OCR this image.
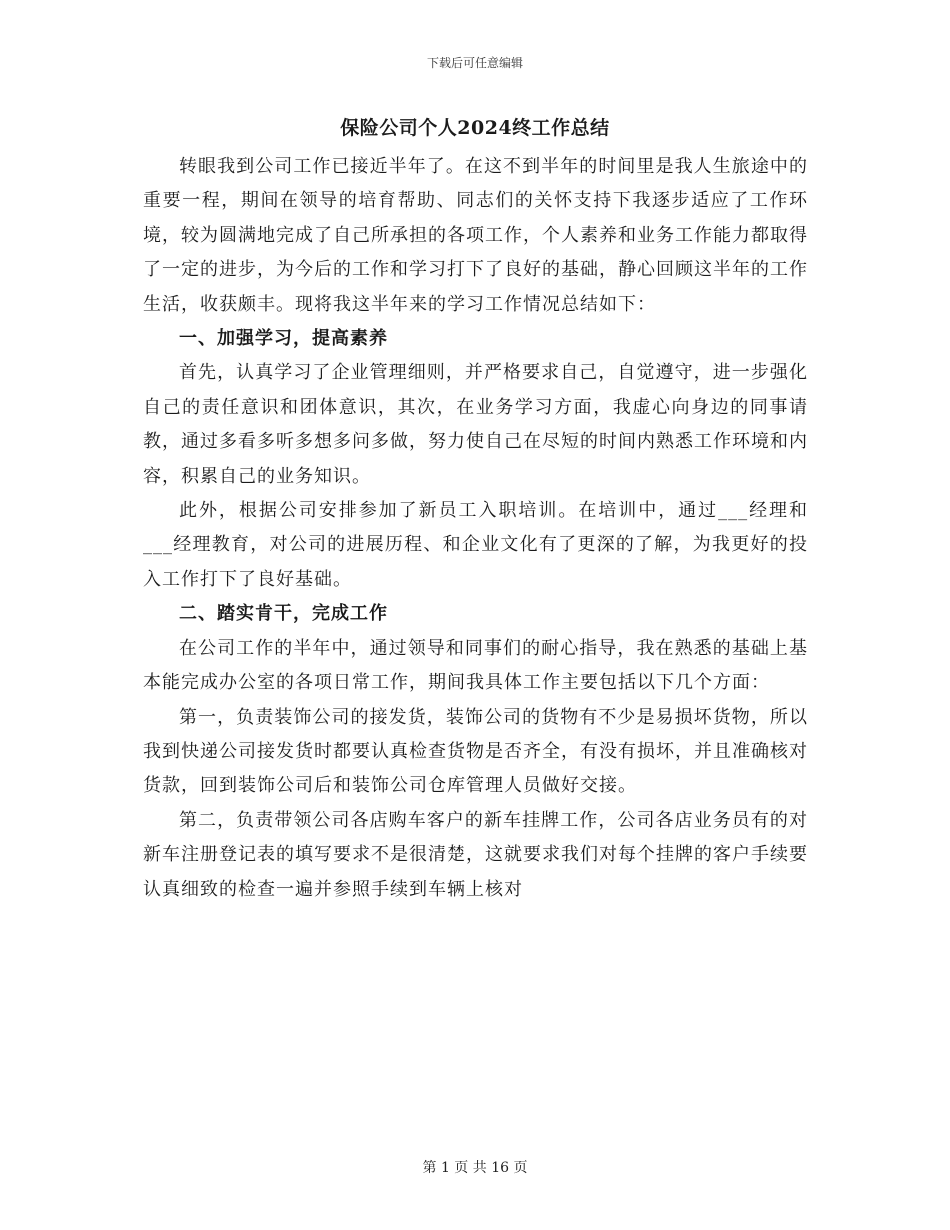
下载后可任意编辑
保险公司个人2024终工作总结

转眼我到公司工作已接近半年了。在这不到半年的时间里是我人生旅途中的重要一程，期间在领导的培育帮助、同志们的关怀支持下我逐步适应了工作环境，较为圆满地完成了自己所承担的各项工作，个人素养和业务工作能力都取得了一定的进步，为今后的工作和学习打下了良好的基础，静心回顾这半年的工作生活，收获颇丰。现将我这半年来的学习工作情况总结如下：

一、加强学习，提高素养

首先，认真学习了企业管理细则，并严格要求自己，自觉遵守，进一步强化自己的责任意识和团体意识，其次，在业务学习方面，我虚心向身边的同事请教，通过多看多听多想多问多做，努力使自己在尽短的时间内熟悉工作环境和内容，积累自己的业务知识。

此外，根据公司安排参加了新员工入职培训。在培训中，通过___经理和___经理教育，对公司的进展历程、和企业文化有了更深的了解，为我更好的投入工作打下了良好基础。

二、踏实肯干，完成工作

在公司工作的半年中，通过领导和同事们的耐心指导，我在熟悉的基础上基本能完成办公室的各项日常工作，期间我具体工作主要包括以下几个方面：

第一，负责装饰公司的接发货，装饰公司的货物有不少是易损坏货物，所以我到快递公司接发货时都要认真检查货物是否齐全，有没有损坏，并且准确核对货款，回到装饰公司后和装饰公司仓库管理人员做好交接。

第二，负责带领公司各店购车客户的新车挂牌工作，公司各店业务员有的对新车注册登记表的填写要求不是很清楚，这就要求我们对每个挂牌的客户手续要认真细致的检查一遍并参照手续到车辆上核对

第 1 页 共 16 页
